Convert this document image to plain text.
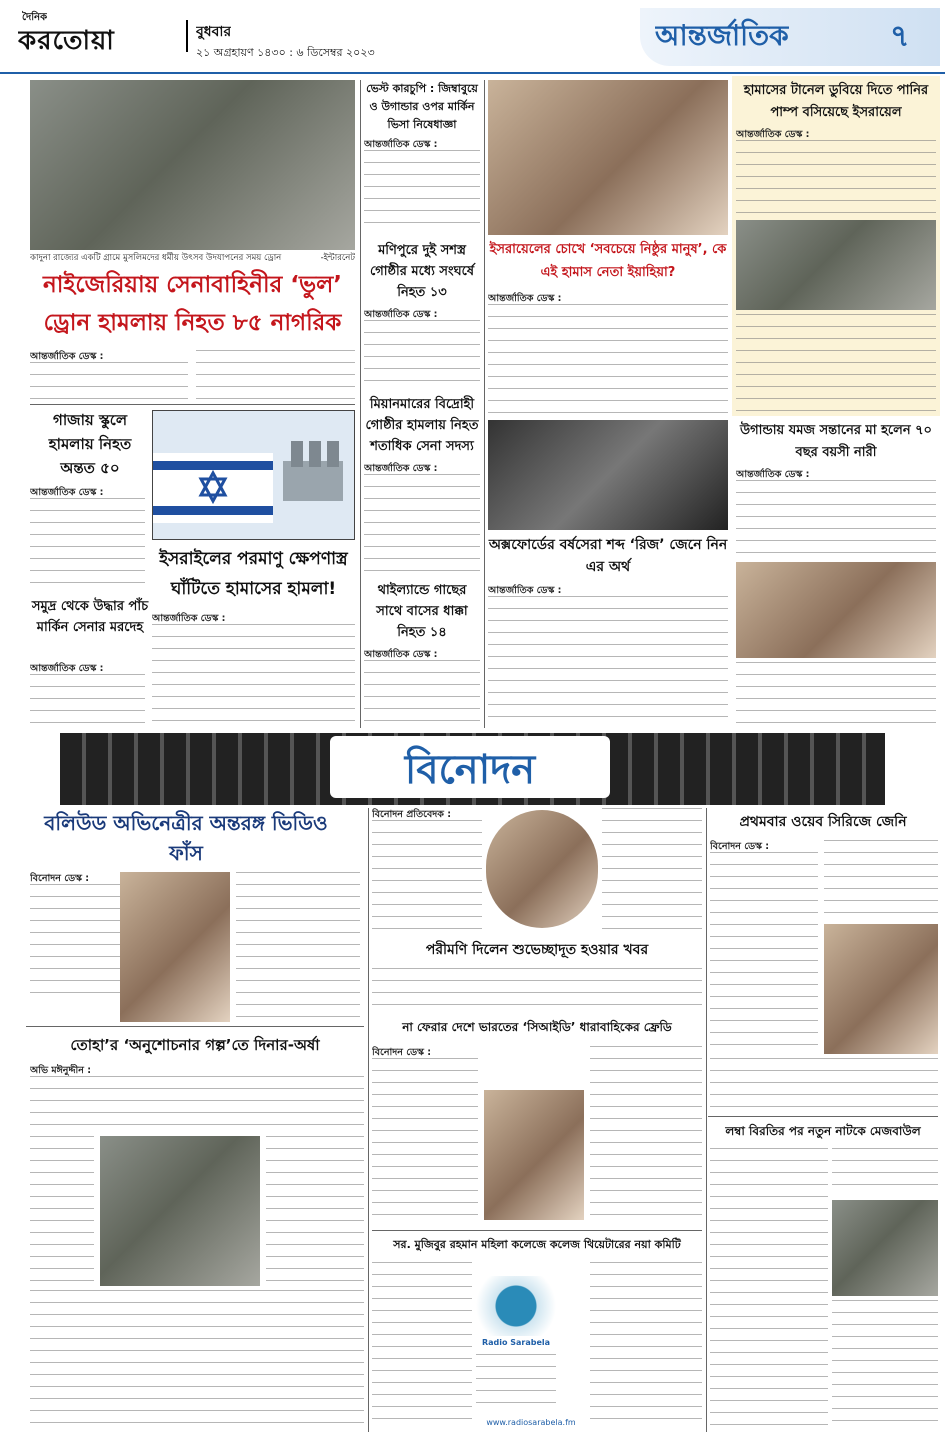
দৈনিক
করতোয়া	বুধবার
২১ অগ্রহায়ণ ১৪৩০ : ৬ ডিসেম্বর ২০২৩
আন্তর্জাতিক	৭
কাদুনা রাজ্যের একটি গ্রামে মুসলিমদের ধর্মীয় উৎসব উদযাপনের সময় ড্রোন	-ইন্টারনেট
নাইজেরিয়ায় সেনাবাহিনীর ‘ভুল’ ড্রোন হামলায় নিহত ৮৫ নাগরিক
আন্তর্জাতিক ডেস্ক :
গাজায় স্কুলে হামলায় নিহত অন্তত ৫০
আন্তর্জাতিক ডেস্ক :
সমুদ্র থেকে উদ্ধার পাঁচ মার্কিন সেনার মরদেহ
আন্তর্জাতিক ডেস্ক :
ইসরাইলের পরমাণু ক্ষেপণাস্ত্র ঘাঁটিতে হামাসের হামলা!
আন্তর্জাতিক ডেস্ক :
ভেস্ট কারচুপি : জিম্বাবুয়ে ও উগান্ডার ওপর মার্কিন ভিসা নিষেধাজ্ঞা
আন্তর্জাতিক ডেস্ক :
মণিপুরে দুই সশস্ত্র গোষ্ঠীর মধ্যে সংঘর্ষে নিহত ১৩
আন্তর্জাতিক ডেস্ক :
মিয়ানমারের বিদ্রোহী গোষ্ঠীর হামলায় নিহত শতাধিক সেনা সদস্য
আন্তর্জাতিক ডেস্ক :
থাইল্যান্ডে গাছের সাথে বাসের ধাক্কা নিহত ১৪
আন্তর্জাতিক ডেস্ক :
ইসরায়েলের চোখে ‘সবচেয়ে নিষ্ঠুর মানুষ’, কে এই হামাস নেতা ইয়াহিয়া?
আন্তর্জাতিক ডেস্ক :
অক্সফোর্ডের বর্ষসেরা শব্দ ‘রিজ’ জেনে নিন এর অর্থ
আন্তর্জাতিক ডেস্ক :
হামাসের টানেল ডুবিয়ে দিতে পানির পাম্প বসিয়েছে ইসরায়েল
আন্তর্জাতিক ডেস্ক :
উগান্ডায় যমজ সন্তানের মা হলেন ৭০ বছর বয়সী নারী
আন্তর্জাতিক ডেস্ক :
বিনোদন
বলিউড অভিনেত্রীর অন্তরঙ্গ ভিডিও ফাঁস
বিনোদন ডেস্ক :
তোহা’র ‘অনুশোচনার গল্প’তে দিনার-অর্ষা
অভি মঈনুদ্দীন :
বিনোদন প্রতিবেদক :
পরীমণি দিলেন শুভেচ্ছাদূত হওয়ার খবর
না ফেরার দেশে ভারতের ‘সিআইডি’ ধারাবাহিকের ফ্রেডি
বিনোদন ডেস্ক :
সর. মুজিবুর রহমান মহিলা কলেজে কলেজ থিয়েটারের নয়া কমিটি
Radio Sarabela
www.radiosarabela.fm
প্রথমবার ওয়েব সিরিজে জেনি
বিনোদন ডেস্ক :
লম্বা বিরতির পর নতুন নাটকে মেজবাউল
